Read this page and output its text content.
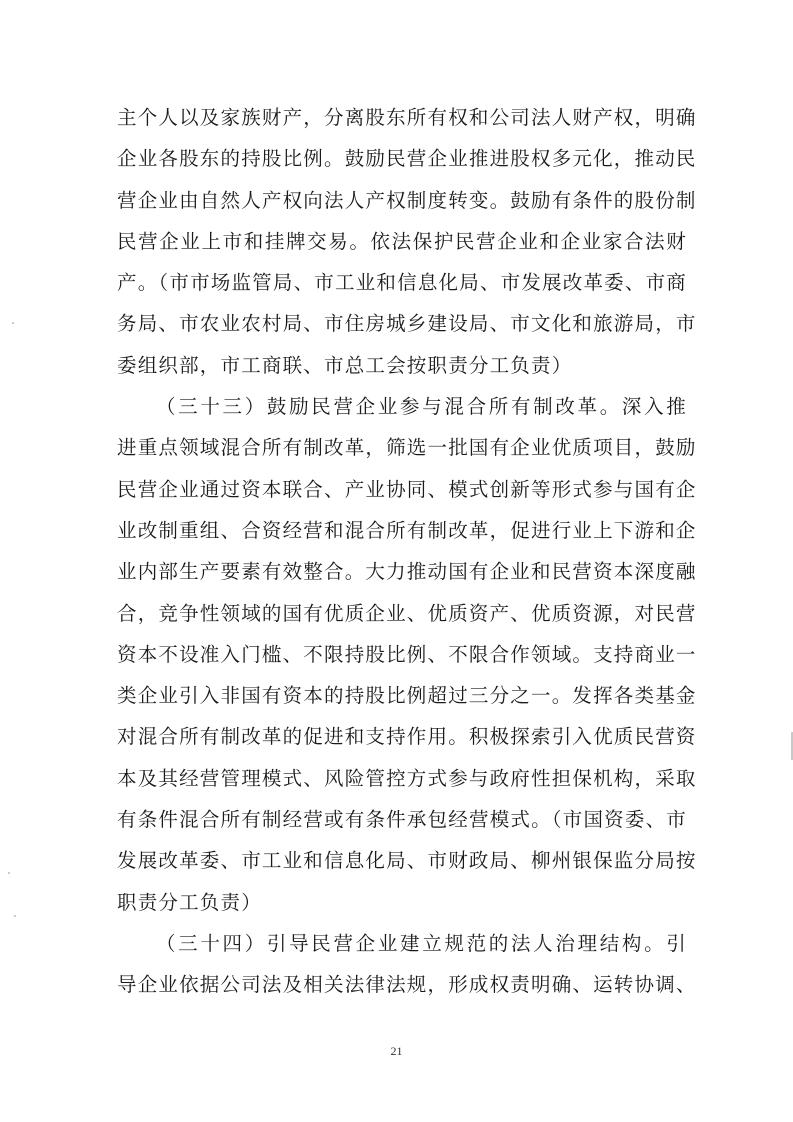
主个人以及家族财产，分离股东所有权和公司法人财产权，明确
企业各股东的持股比例。鼓励民营企业推进股权多元化，推动民
营企业由自然人产权向法人产权制度转变。鼓励有条件的股份制
民营企业上市和挂牌交易。依法保护民营企业和企业家合法财
产。（市市场监管局、市工业和信息化局、市发展改革委、市商
务局、市农业农村局、市住房城乡建设局、市文化和旅游局，市
委组织部，市工商联、市总工会按职责分工负责）
（三十三）鼓励民营企业参与混合所有制改革。深入推
进重点领域混合所有制改革，筛选一批国有企业优质项目，鼓励
民营企业通过资本联合、产业协同、模式创新等形式参与国有企
业改制重组、合资经营和混合所有制改革，促进行业上下游和企
业内部生产要素有效整合。大力推动国有企业和民营资本深度融
合，竞争性领域的国有优质企业、优质资产、优质资源，对民营
资本不设准入门槛、不限持股比例、不限合作领域。支持商业一
类企业引入非国有资本的持股比例超过三分之一。发挥各类基金
对混合所有制改革的促进和支持作用。积极探索引入优质民营资
本及其经营管理模式、风险管控方式参与政府性担保机构，采取
有条件混合所有制经营或有条件承包经营模式。（市国资委、市
发展改革委、市工业和信息化局、市财政局、柳州银保监分局按
职责分工负责）
（三十四）引导民营企业建立规范的法人治理结构。引
导企业依据公司法及相关法律法规，形成权责明确、运转协调、
21
